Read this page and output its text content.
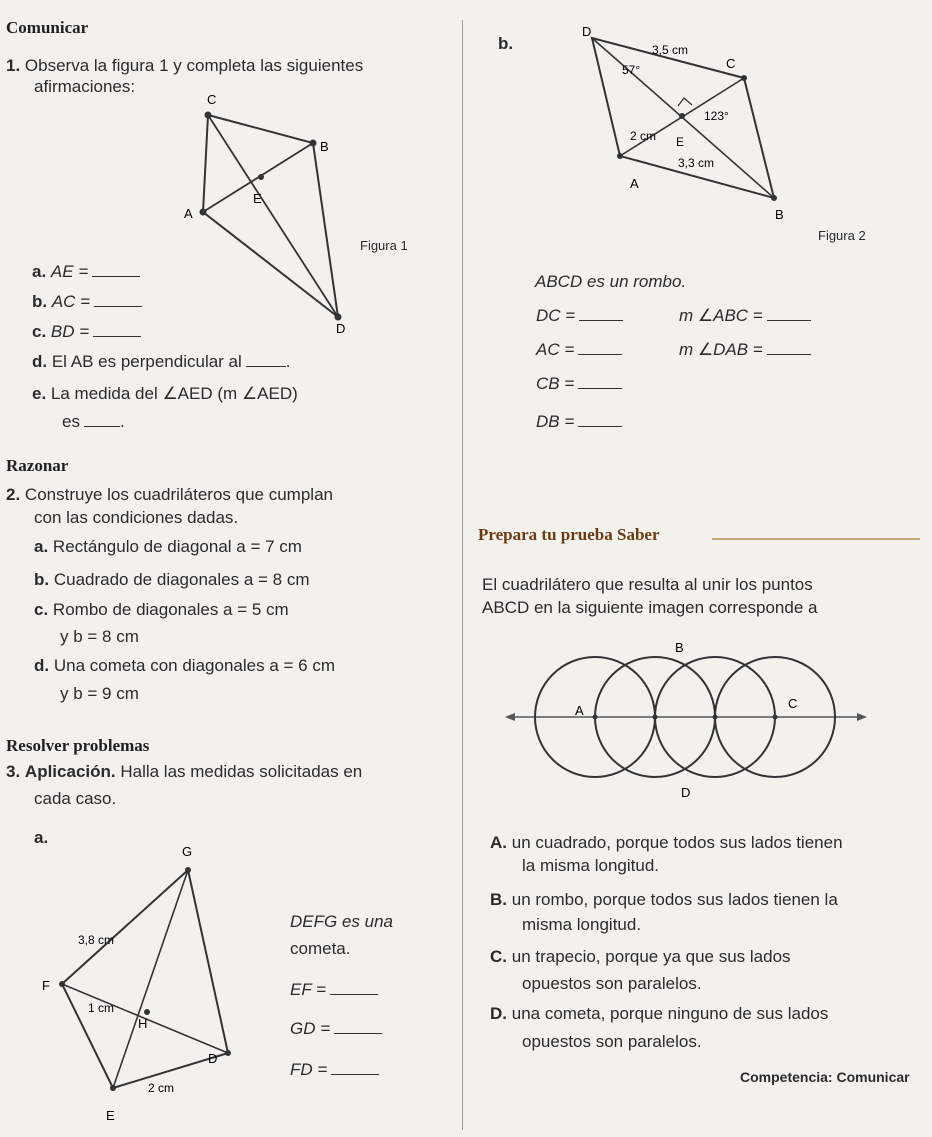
Comunicar
1. Observa la figura 1 y completa las siguientes
afirmaciones:
C
B
E
A
D
Figura 1
a. AE =
b. AC =
c. BD =
d. El AB es perpendicular al	.
e. La medida del ∠AED (m ∠AED)
es .
b.
D
C
A
B
E
3,5 cm
57°
123°
2 cm
3,3 cm
Figura 2
ABCD es un rombo.
DC =	m ∠ABC =
AC =	m ∠DAB =
CB =
DB =
Razonar
2. Construye los cuadriláteros que cumplan
con las condiciones dadas.
a. Rectángulo de diagonal a = 7 cm
b. Cuadrado de diagonales a = 8 cm
c. Rombo de diagonales a = 5 cm
y b = 8 cm
d. Una cometa con diagonales a = 6 cm
y b = 9 cm
Resolver problemas
3. Aplicación. Halla las medidas solicitadas en
cada caso.
a.
G
F
H
D
E
3,8 cm
1 cm
2 cm
DEFG es una
cometa.
EF =
GD =
FD =
Prepara tu prueba Saber
El cuadrilátero que resulta al unir los puntos
ABCD en la siguiente imagen corresponde a
B
A	C
D
A. un cuadrado, porque todos sus lados tienen
la misma longitud.
B. un rombo, porque todos sus lados tienen la
misma longitud.
C. un trapecio, porque ya que sus lados
opuestos son paralelos.
D. una cometa, porque ninguno de sus lados
opuestos son paralelos.
Competencia: Comunicar
